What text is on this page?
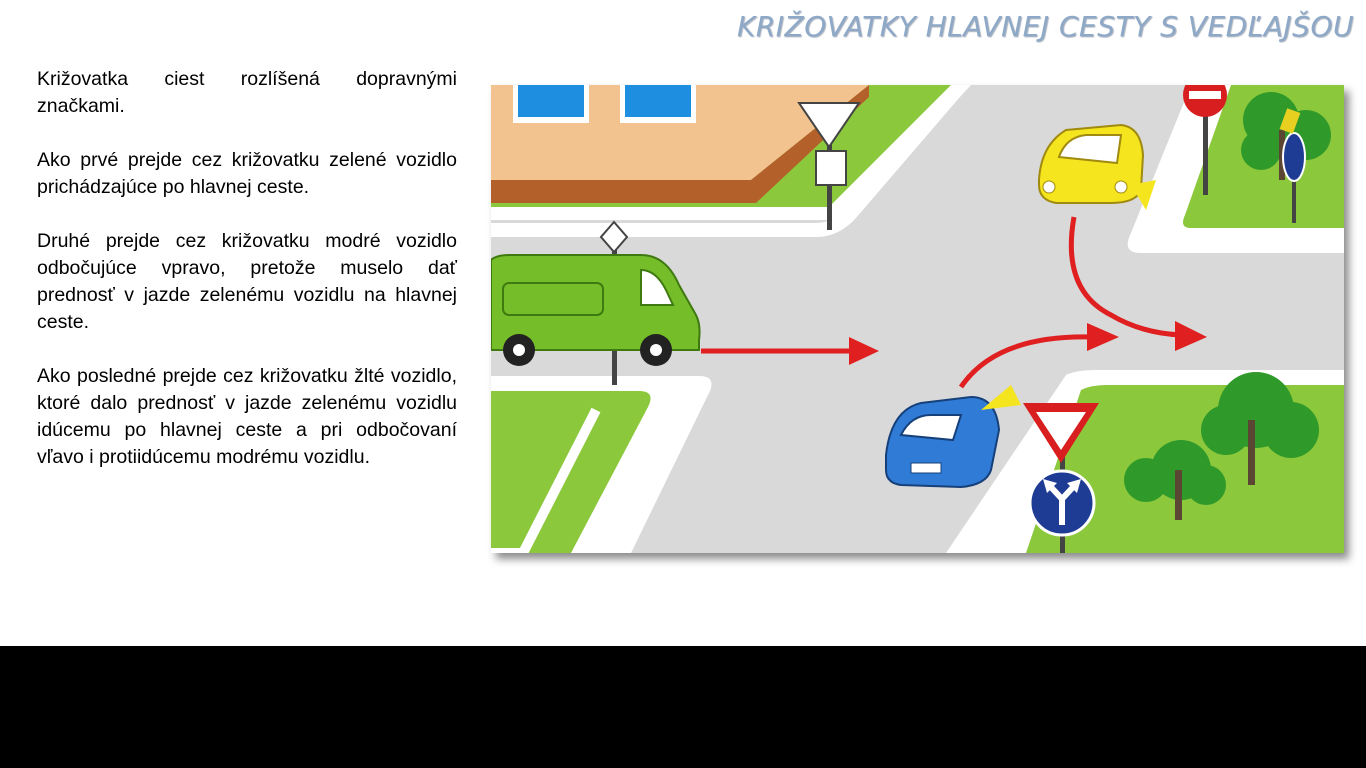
KRIŽOVATKY HLAVNEJ CESTY S VEDĽAJŠOU

Križovatka ciest rozlíšená dopravnými značkami.

Ako prvé prejde cez križovatku zelené vozidlo prichádzajúce po hlavnej ceste.

Druhé prejde cez križovatku modré vozidlo odbočujúce vpravo, pretože muselo dať prednosť v jazde zelenému vozidlu na hlavnej ceste.

Ako posledné prejde cez križovatku žlté vozidlo, ktoré dalo prednosť v jazde zelenému vozidlu idúcemu po hlavnej ceste a pri odbočovaní vľavo i protiidúcemu modrému vozidlu.
